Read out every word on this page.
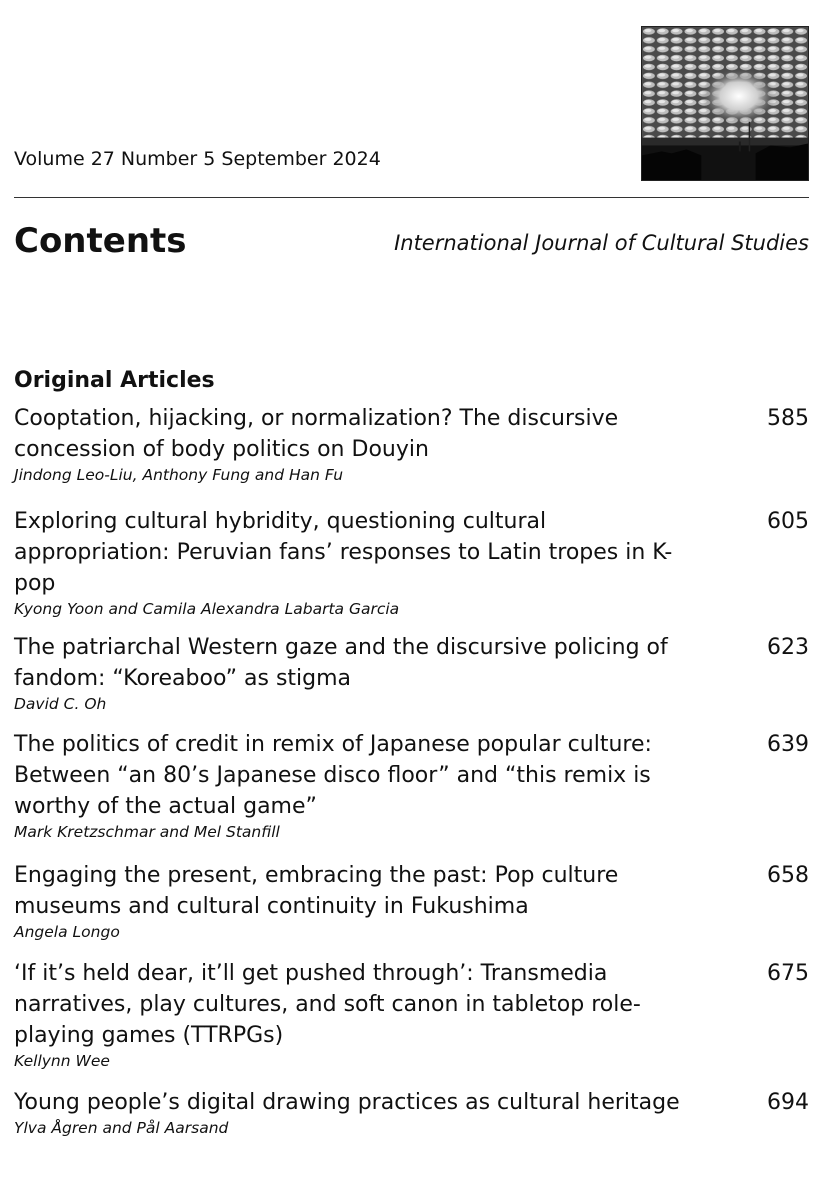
Volume 27 Number 5 September 2024
Contents	International Journal of Cultural Studies
Original Articles
Cooptation, hijacking, or normalization? The discursive concession of body politics on Douyin
585
Jindong Leo-Liu, Anthony Fung and Han Fu
Exploring cultural hybridity, questioning cultural appropriation: Peruvian fans’ responses to Latin tropes in K-pop
605
Kyong Yoon and Camila Alexandra Labarta Garcia
The patriarchal Western gaze and the discursive policing of fandom: “Koreaboo” as stigma
623
David C. Oh
The politics of credit in remix of Japanese popular culture: Between “an 80’s Japanese disco floor” and “this remix is worthy of the actual game”
639
Mark Kretzschmar and Mel Stanfill
Engaging the present, embracing the past: Pop culture museums and cultural continuity in Fukushima
658
Angela Longo
‘If it’s held dear, it’ll get pushed through’: Transmedia narratives, play cultures, and soft canon in tabletop role-playing games (TTRPGs)
675
Kellynn Wee
Young people’s digital drawing practices as cultural heritage	694
Ylva Ågren and Pål Aarsand
